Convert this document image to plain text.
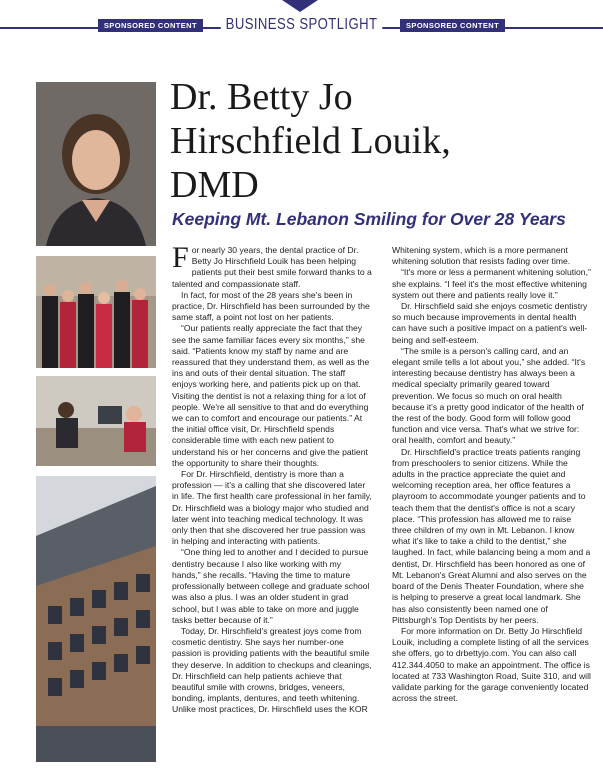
SPONSORED CONTENT	BUSINESS SPOTLIGHT	SPONSORED CONTENT
Dr. Betty Jo
Hirschfield Louik,
DMD
Keeping Mt. Lebanon Smiling for Over 28 Years

For nearly 30 years, the dental practice of Dr. Betty Jo Hirschfield Louik has been helping patients put their best smile forward thanks to a talented and compassionate staff.

In fact, for most of the 28 years she's been in practice, Dr. Hirschfield has been surrounded by the same staff, a point not lost on her patients.

“Our patients really appreciate the fact that they see the same familiar faces every six months,” she said. “Patients know my staff by name and are reassured that they understand them, as well as the ins and outs of their dental situation. The staff enjoys working here, and patients pick up on that. Visiting the dentist is not a relaxing thing for a lot of people. We're all sensitive to that and do everything we can to comfort and encourage our patients.” At the initial office visit, Dr. Hirschfield spends considerable time with each new patient to understand his or her concerns and give the patient the opportunity to share their thoughts.

For Dr. Hirschfield, dentistry is more than a profession — it's a calling that she discovered later in life. The first health care professional in her family, Dr. Hirschfield was a biology major who studied and later went into teaching medical technology. It was only then that she discovered her true passion was in helping and interacting with patients.

“One thing led to another and I decided to pursue dentistry because I also like working with my hands,” she recalls. “Having the time to mature professionally between college and graduate school was also a plus. I was an older student in grad school, but I was able to take on more and juggle tasks better because of it.”

Today, Dr. Hirschfield's greatest joys come from cosmetic dentistry. She says her number-one passion is providing patients with the beautiful smile they deserve. In addition to checkups and cleanings, Dr. Hirschfield can help patients achieve that beautiful smile with crowns, bridges, veneers, bonding, implants, dentures, and teeth whitening. Unlike most practices, Dr. Hirschfield uses the KOR

Whitening system, which is a more permanent whitening solution that resists fading over time.

“It's more or less a permanent whitening solution,” she explains. “I feel it's the most effective whitening system out there and patients really love it.”

Dr. Hirschfield said she enjoys cosmetic dentistry so much because improvements in dental health can have such a positive impact on a patient's well-being and self-esteem.

“The smile is a person's calling card, and an elegant smile tells a lot about you,” she added. “It's interesting because dentistry has always been a medical specialty primarily geared toward prevention. We focus so much on oral health because it's a pretty good indicator of the health of the rest of the body. Good form will follow good function and vice versa. That's what we strive for: oral health, comfort and beauty.”

Dr. Hirschfield's practice treats patients ranging from preschoolers to senior citizens. While the adults in the practice appreciate the quiet and welcoming reception area, her office features a playroom to accommodate younger patients and to teach them that the dentist's office is not a scary place. “This profession has allowed me to raise three children of my own in Mt. Lebanon. I know what it's like to take a child to the dentist,” she laughed. In fact, while balancing being a mom and a dentist, Dr. Hirschfield has been honored as one of Mt. Lebanon's Great Alumni and also serves on the board of the Denis Theater Foundation, where she is helping to preserve a great local landmark. She has also consistently been named one of Pittsburgh's Top Dentists by her peers.

For more information on Dr. Betty Jo Hirschfield Louik, including a complete listing of all the services she offers, go to drbettyjo.com. You can also call 412.344.4050 to make an appointment. The office is located at 733 Washington Road, Suite 310, and will validate parking for the garage conveniently located across the street.
